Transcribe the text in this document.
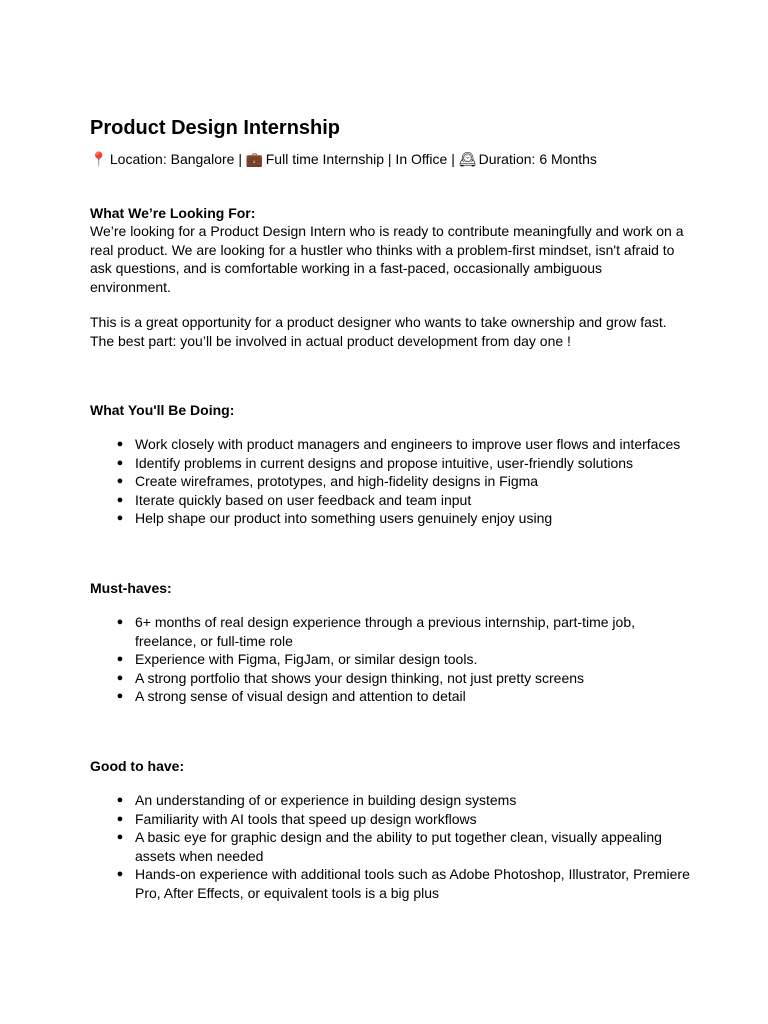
Product Design Internship

📍 Location: Bangalore | 💼 Full time Internship | In Office | 🕰 Duration: 6 Months

What We’re Looking For:

We’re looking for a Product Design Intern who is ready to contribute meaningfully and work on a real product. We are looking for a hustler who thinks with a problem-first mindset, isn't afraid to ask questions, and is comfortable working in a fast-paced, occasionally ambiguous environment.

This is a great opportunity for a product designer who wants to take ownership and grow fast. The best part: you’ll be involved in actual product development from day one !

What You'll Be Doing:

● Work closely with product managers and engineers to improve user flows and interfaces
● Identify problems in current designs and propose intuitive, user-friendly solutions
● Create wireframes, prototypes, and high-fidelity designs in Figma
● Iterate quickly based on user feedback and team input
● Help shape our product into something users genuinely enjoy using

Must-haves:

● 6+ months of real design experience through a previous internship, part-time job, freelance, or full-time role
● Experience with Figma, FigJam, or similar design tools.
● A strong portfolio that shows your design thinking, not just pretty screens
● A strong sense of visual design and attention to detail

Good to have:

● An understanding of or experience in building design systems
● Familiarity with AI tools that speed up design workflows
● A basic eye for graphic design and the ability to put together clean, visually appealing assets when needed
● Hands-on experience with additional tools such as Adobe Photoshop, Illustrator, Premiere Pro, After Effects, or equivalent tools is a big plus
